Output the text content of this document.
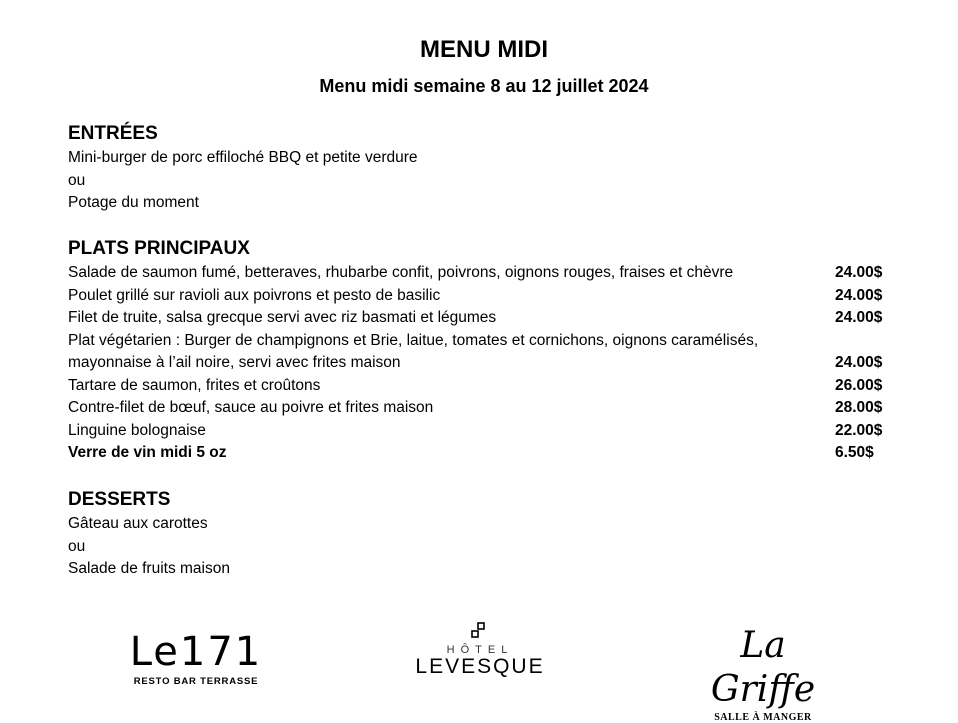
MENU MIDI
Menu midi semaine 8 au 12 juillet 2024
ENTRÉES
Mini-burger de porc effiloché BBQ et petite verdure
ou
Potage du moment
PLATS PRINCIPAUX
Salade de saumon fumé, betteraves, rhubarbe confit, poivrons, oignons rouges, fraises et chèvre	24.00$
Poulet grillé sur ravioli aux poivrons et pesto de basilic	24.00$
Filet de truite, salsa grecque servi avec riz basmati et légumes	24.00$
Plat végétarien : Burger de champignons et Brie, laitue, tomates et cornichons, oignons caramélisés,
mayonnaise à l’ail noire, servi avec frites maison	24.00$
Tartare de saumon, frites et croûtons	26.00$
Contre-filet de bœuf, sauce au poivre et frites maison	28.00$
Linguine bolognaise	22.00$
Verre de vin midi 5 oz	6.50$
DESSERTS
Gâteau aux carottes
ou
Salade de fruits maison
Le171
RESTO BAR TERRASSE
HÔTEL
LEVESQUE
La Griffe
SALLE À MANGER
